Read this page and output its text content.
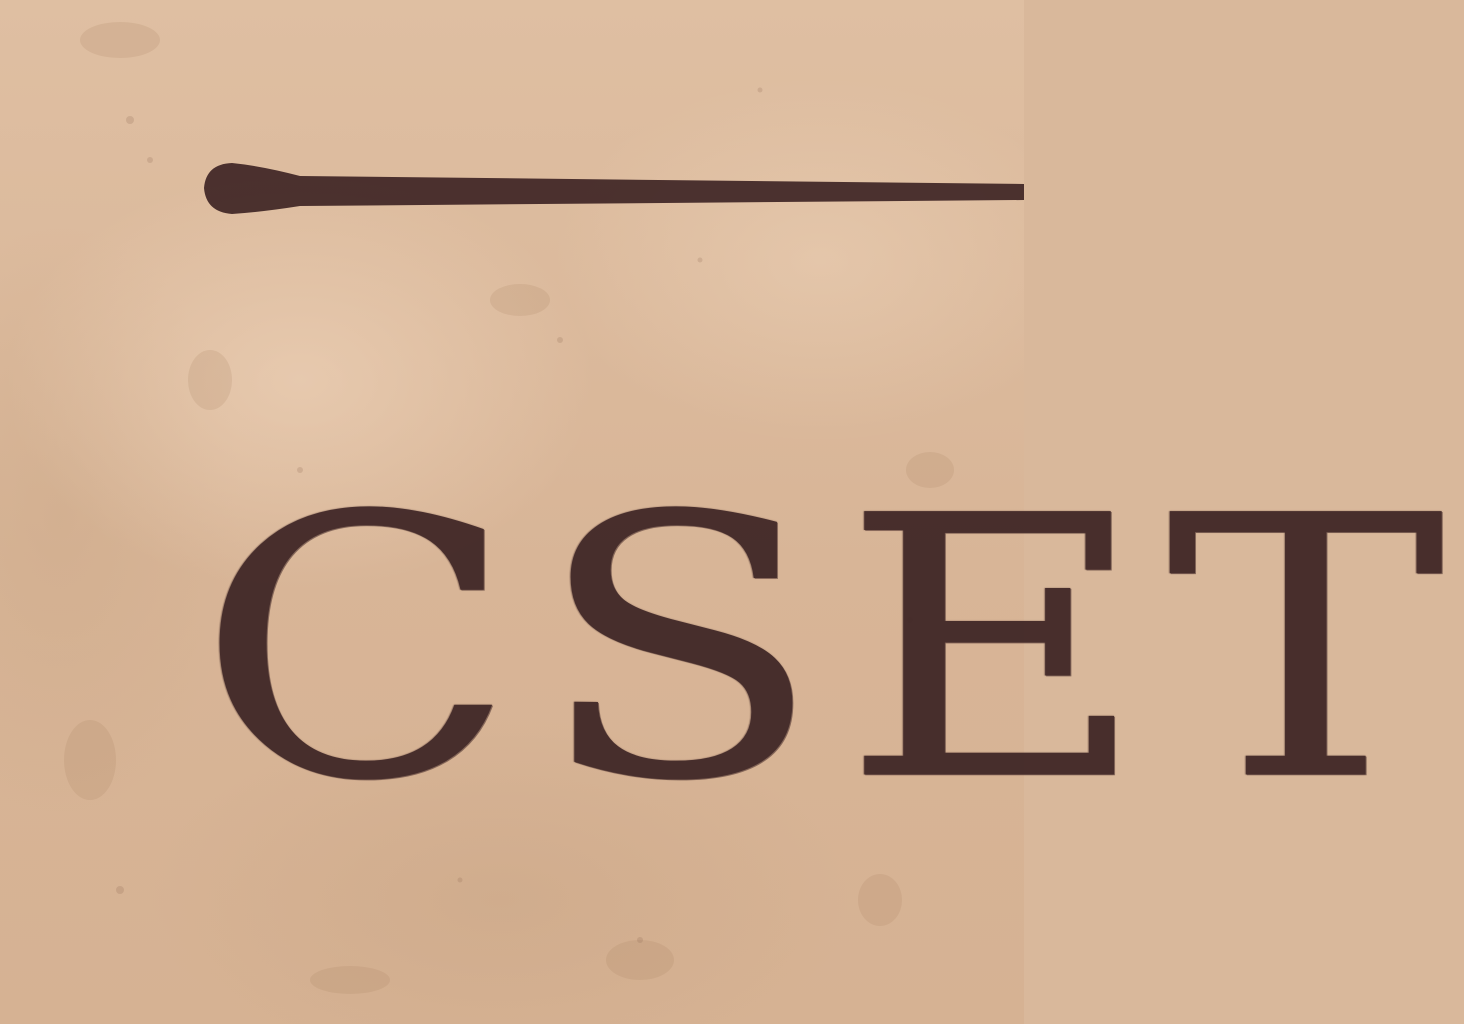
CSET
